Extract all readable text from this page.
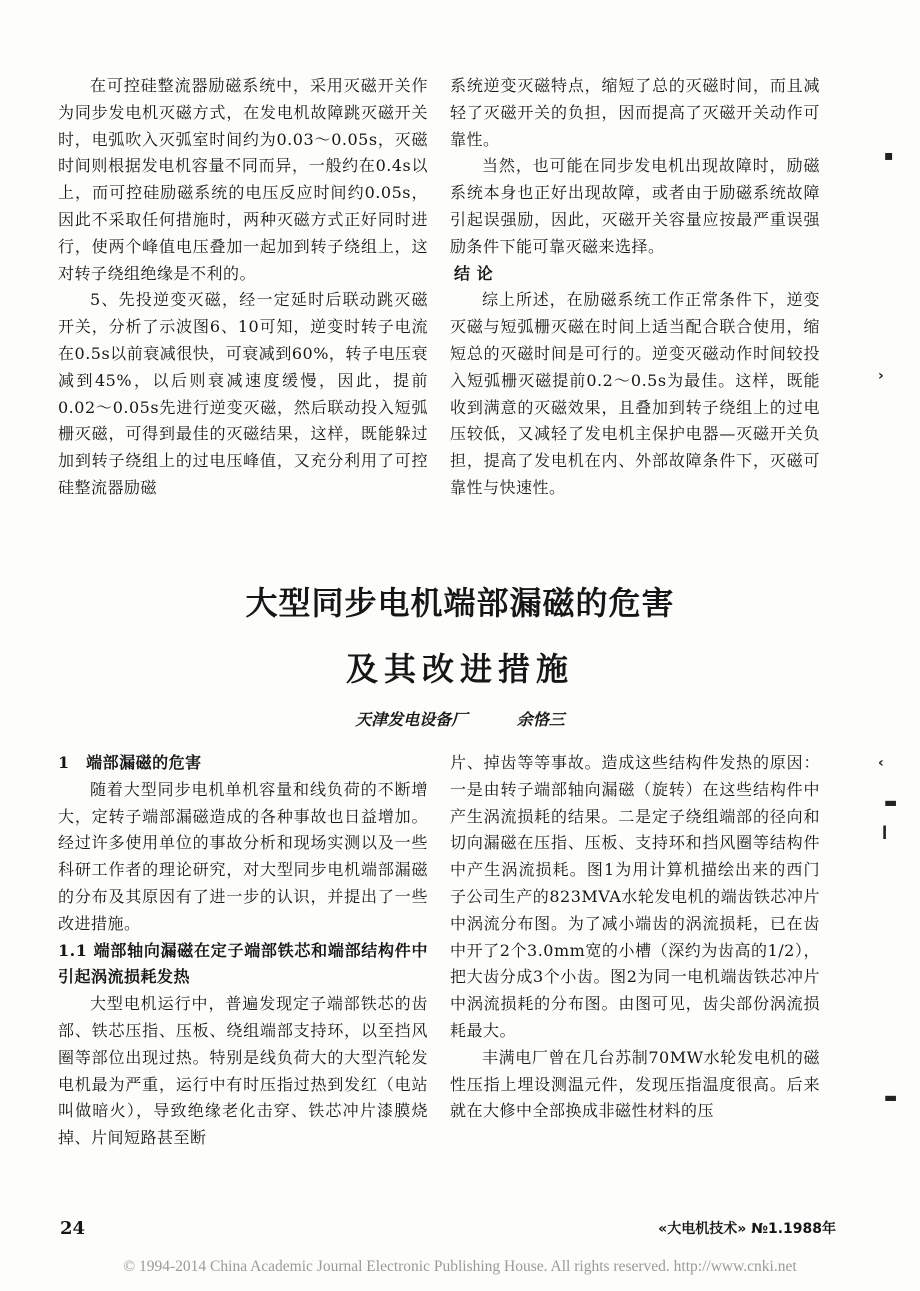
在可控硅整流器励磁系统中，采用灭磁开关作为同步发电机灭磁方式，在发电机故障跳灭磁开关时，电弧吹入灭弧室时间约为0.03～0.05s，灭磁时间则根据发电机容量不同而异，一般约在0.4s以上，而可控硅励磁系统的电压反应时间约0.05s，因此不采取任何措施时，两种灭磁方式正好同时进行，使两个峰值电压叠加一起加到转子绕组上，这对转子绕组绝缘是不利的。

5、先投逆变灭磁，经一定延时后联动跳灭磁开关，分析了示波图6、10可知，逆变时转子电流在0.5s以前衰减很快，可衰减到60%，转子电压衰减到45%，以后则衰减速度缓慢，因此，提前0.02～0.05s先进行逆变灭磁，然后联动投入短弧栅灭磁，可得到最佳的灭磁结果，这样，既能躲过加到转子绕组上的过电压峰值，又充分利用了可控硅整流器励磁

系统逆变灭磁特点，缩短了总的灭磁时间，而且减轻了灭磁开关的负担，因而提高了灭磁开关动作可靠性。

当然，也可能在同步发电机出现故障时，励磁系统本身也正好出现故障，或者由于励磁系统故障引起误强励，因此，灭磁开关容量应按最严重误强励条件下能可靠灭磁来选择。

结 论

综上所述，在励磁系统工作正常条件下，逆变灭磁与短弧栅灭磁在时间上适当配合联合使用，缩短总的灭磁时间是可行的。逆变灭磁动作时间较投入短弧栅灭磁提前0.2～0.5s为最佳。这样，既能收到满意的灭磁效果，且叠加到转子绕组上的过电压较低，又减轻了发电机主保护电器—灭磁开关负担，提高了发电机在内、外部故障条件下，灭磁可靠性与快速性。

大型同步电机端部漏磁的危害
及其改进措施
天津发电设备厂	余恪三

1　端部漏磁的危害

随着大型同步电机单机容量和线负荷的不断增大，定转子端部漏磁造成的各种事故也日益增加。经过许多使用单位的事故分析和现场实测以及一些科研工作者的理论研究，对大型同步电机端部漏磁的分布及其原因有了进一步的认识，并提出了一些改进措施。

1.1 端部轴向漏磁在定子端部铁芯和端部结构件中引起涡流损耗发热

大型电机运行中，普遍发现定子端部铁芯的齿部、铁芯压指、压板、绕组端部支持环，以至挡风圈等部位出现过热。特别是线负荷大的大型汽轮发电机最为严重，运行中有时压指过热到发红（电站叫做暗火），导致绝缘老化击穿、铁芯冲片漆膜烧掉、片间短路甚至断

片、掉齿等等事故。造成这些结构件发热的原因：一是由转子端部轴向漏磁（旋转）在这些结构件中产生涡流损耗的结果。二是定子绕组端部的径向和切向漏磁在压指、压板、支持环和挡风圈等结构件中产生涡流损耗。图1为用计算机描绘出来的西门子公司生产的823MVA水轮发电机的端齿铁芯冲片中涡流分布图。为了减小端齿的涡流损耗，已在齿中开了2个3.0mm宽的小槽（深约为齿高的1/2），把大齿分成3个小齿。图2为同一电机端齿铁芯冲片中涡流损耗的分布图。由图可见，齿尖部份涡流损耗最大。

丰满电厂曾在几台苏制70MW水轮发电机的磁性压指上埋设测温元件，发现压指温度很高。后来就在大修中全部换成非磁性材料的压

24	«大电机技术» №1.1988年
© 1994-2014 China Academic Journal Electronic Publishing House. All rights reserved. http://www.cnki.net
▪
›
‹
▬
ǀ
▬
